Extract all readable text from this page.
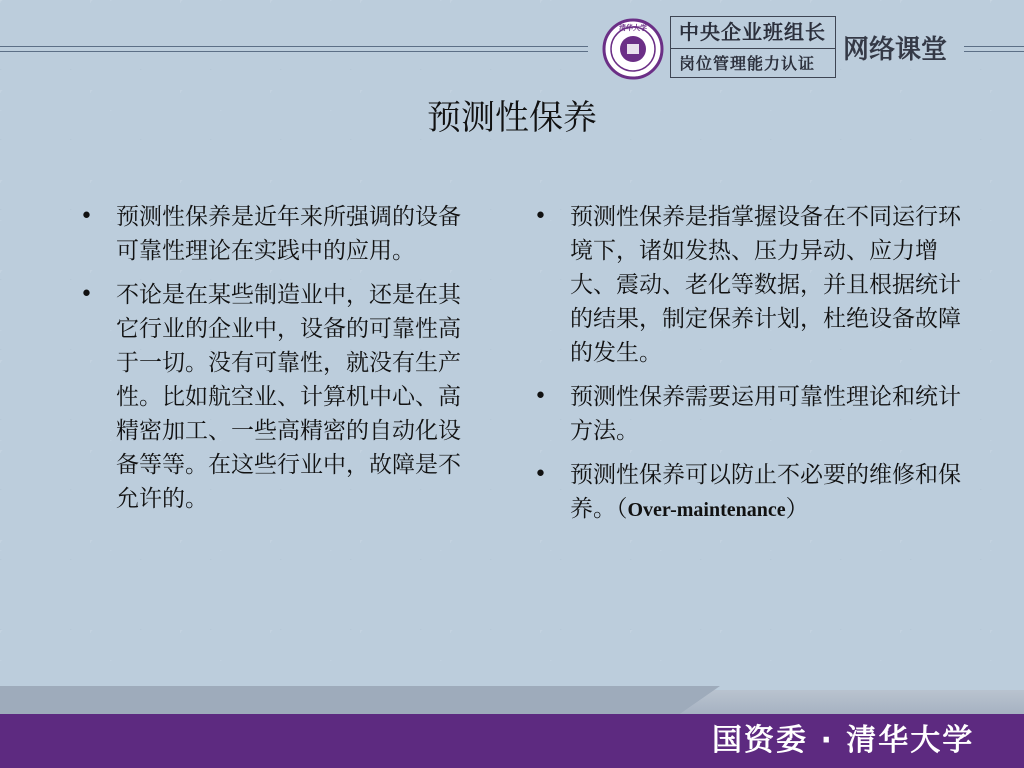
清华大学	中央企业班组长
岗位管理能力认证	网络课堂
预测性保养
•	预测性保养是近年来所强调的设备可靠性理论在实践中的应用。
•	不论是在某些制造业中，还是在其它行业的企业中，设备的可靠性高于一切。没有可靠性，就没有生产性。比如航空业、计算机中心、高精密加工、一些高精密的自动化设备等等。在这些行业中，故障是不允许的。
•	预测性保养是指掌握设备在不同运行环境下，诸如发热、压力异动、应力增大、震动、老化等数据，并且根据统计的结果，制定保养计划，杜绝设备故障的发生。
•	预测性保养需要运用可靠性理论和统计方法。
•	预测性保养可以防止不必要的维修和保养。（Over-maintenance）
国资委 · 清华大学
